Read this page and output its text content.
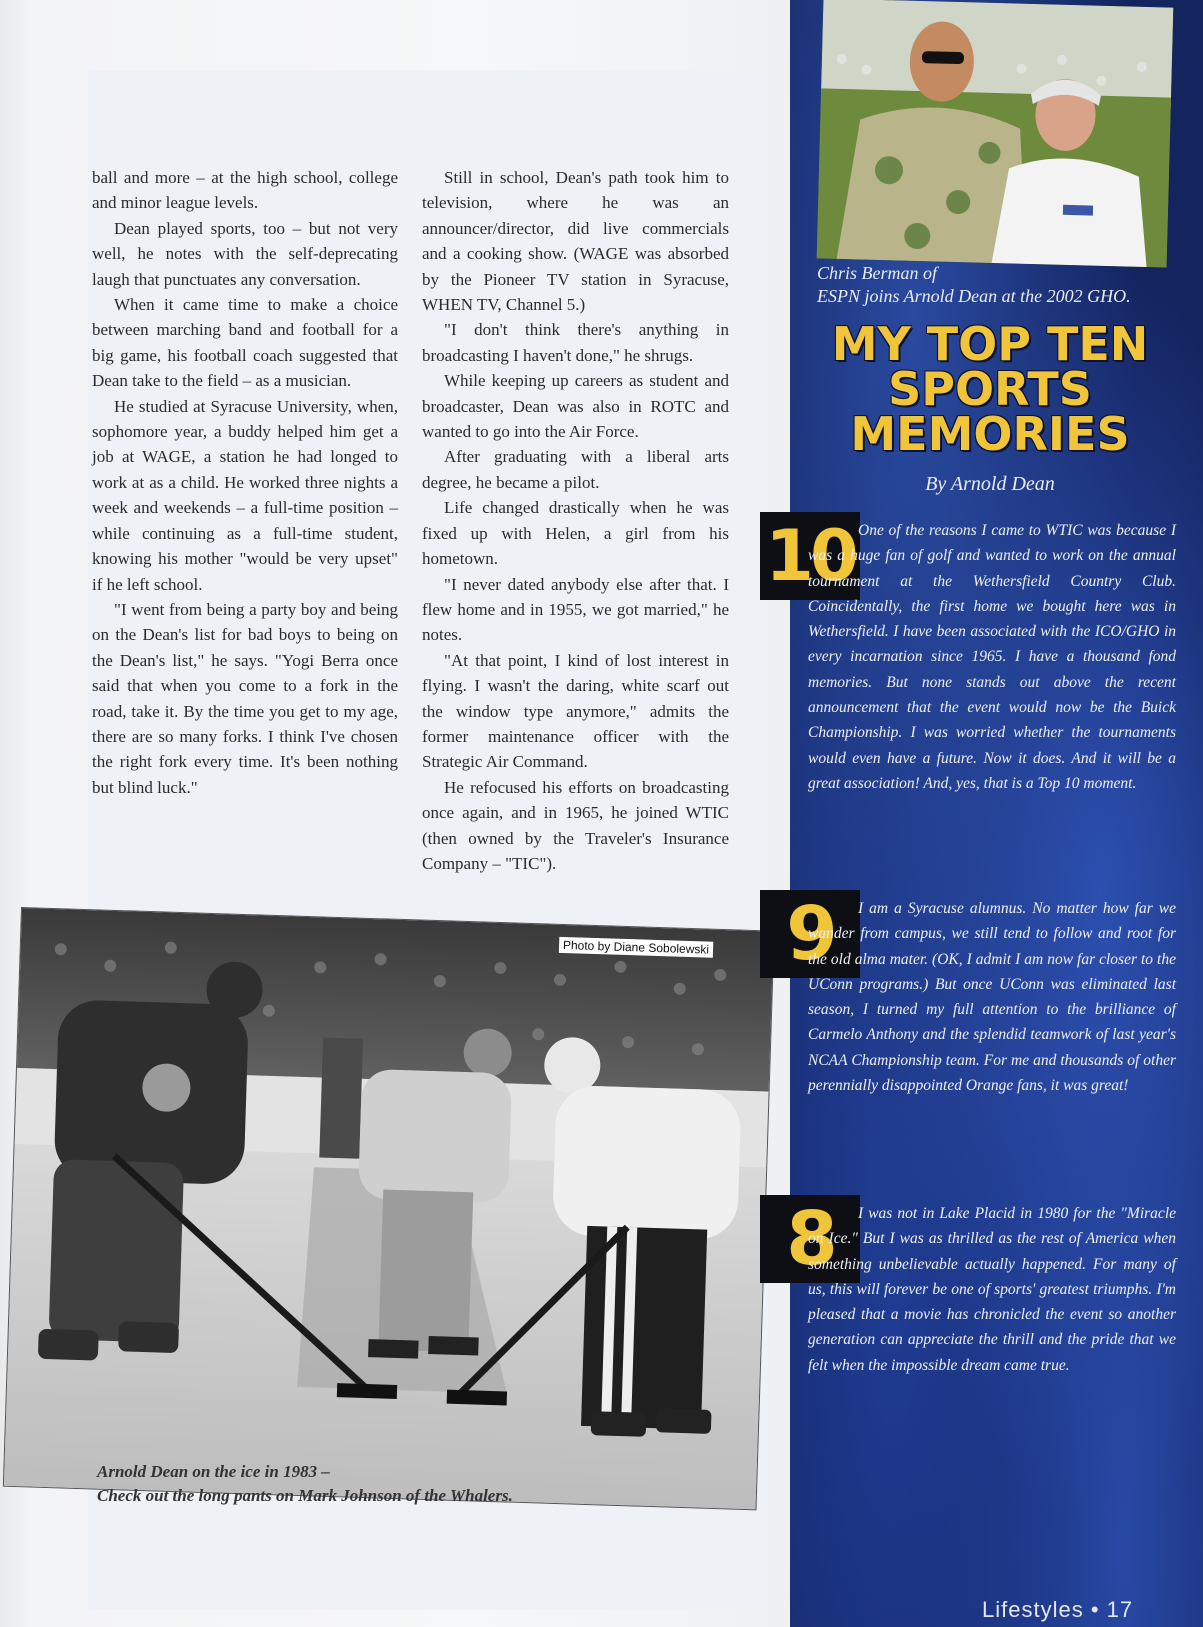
ball and more – at the high school, college and minor league levels.

Dean played sports, too – but not very well, he notes with the self-deprecating laugh that punctuates any conversation.

When it came time to make a choice between marching band and football for a big game, his football coach suggested that Dean take to the field – as a musician.

He studied at Syracuse University, when, sophomore year, a buddy helped him get a job at WAGE, a station he had longed to work at as a child. He worked three nights a week and weekends – a full-time position – while continuing as a full-time student, knowing his mother "would be very upset" if he left school.

"I went from being a party boy and being on the Dean's list for bad boys to being on the Dean's list," he says. "Yogi Berra once said that when you come to a fork in the road, take it. By the time you get to my age, there are so many forks. I think I've chosen the right fork every time. It's been nothing but blind luck."

Still in school, Dean's path took him to television, where he was an announcer/director, did live commercials and a cooking show. (WAGE was absorbed by the Pioneer TV station in Syracuse, WHEN TV, Channel 5.)

"I don't think there's anything in broadcasting I haven't done," he shrugs.

While keeping up careers as student and broadcaster, Dean was also in ROTC and wanted to go into the Air Force.

After graduating with a liberal arts degree, he became a pilot.

Life changed drastically when he was fixed up with Helen, a girl from his hometown.

"I never dated anybody else after that. I flew home and in 1955, we got married," he notes.

"At that point, I kind of lost interest in flying. I wasn't the daring, white scarf out the window type anymore," admits the former maintenance officer with the Strategic Air Command.

He refocused his efforts on broadcasting once again, and in 1965, he joined WTIC (then owned by the Traveler's Insurance Company – "TIC").

Photo by Diane Sobolewski
Arnold Dean on the ice in 1983 –
Check out the long pants on Mark Johnson of the Whalers.
Chris Berman of
ESPN joins Arnold Dean at the 2002 GHO.
MY TOP TEN
SPORTS
MEMORIES
By Arnold Dean
10 One of the reasons I came to WTIC was because I was a huge fan of golf and wanted to work on the annual tournament at the Wethersfield Country Club. Coincidentally, the first home we bought here was in Wethersfield. I have been associated with the ICO/GHO in every incarnation since 1965. I have a thousand fond memories. But none stands out above the recent announcement that the event would now be the Buick Championship. I was worried whether the tournaments would even have a future. Now it does. And it will be a great association! And, yes, that is a Top 10 moment.
9	I am a Syracuse alumnus. No matter how far we wander from campus, we still tend to follow and root for the old alma mater. (OK, I admit I am now far closer to the UConn programs.) But once UConn was eliminated last season, I turned my full attention to the brilliance of Carmelo Anthony and the splendid teamwork of last year's NCAA Championship team. For me and thousands of other perennially disappointed Orange fans, it was great!
8	I was not in Lake Placid in 1980 for the "Miracle on Ice." But I was as thrilled as the rest of America when something unbelievable actually happened. For many of us, this will forever be one of sports' greatest triumphs. I'm pleased that a movie has chronicled the event so another generation can appreciate the thrill and the pride that we felt when the impossible dream came true.
Lifestyles • 17
